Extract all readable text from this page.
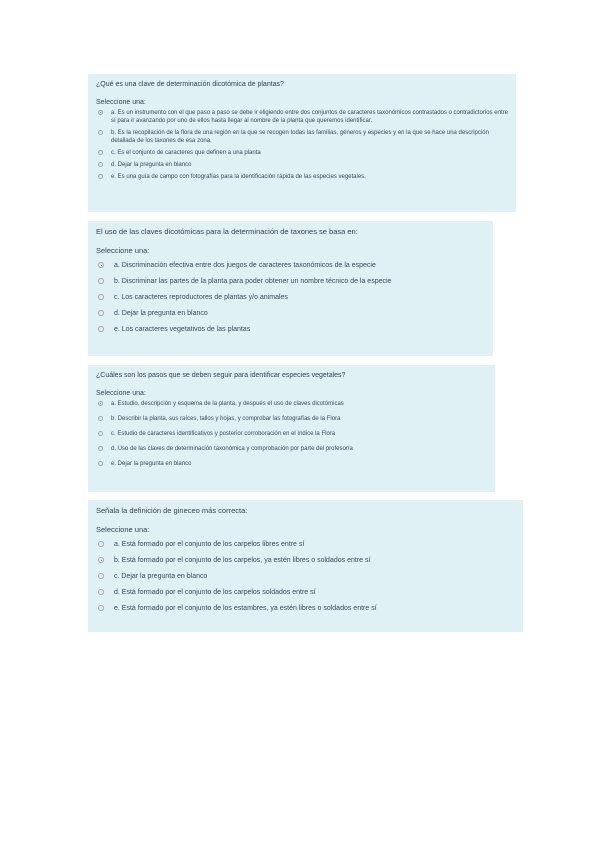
¿Qué es una clave de determinación dicotómica de plantas?

Seleccione una:

a. Es un instrumento con el que paso a paso se debe ir eligiendo entre dos conjuntos de caracteres taxonómicos contrastados o contradictorios entre sí para ir avanzando por uno de ellos hasta llegar al nombre de la planta que queremos identificar.
b. Es la recopilación de la flora de una región en la que se recogen todas las familias, géneros y especies y en la que se hace una descripción detallada de los taxones de esa zona.
c. Es el conjunto de caracteres que definen a una planta
d. Dejar la pregunta en blanco
e. Es una guía de campo con fotografías para la identificación rápida de las especies vegetales.

El uso de las claves dicotómicas para la determinación de taxones se basa en:

Seleccione una:

a. Discriminación efectiva entre dos juegos de caracteres taxonómicos de la especie
b. Discriminar las partes de la planta para poder obtener un nombre técnico de la especie
c. Los caracteres reproductores de plantas y/o animales
d. Dejar la pregunta en blanco
e. Los caracteres vegetativos de las plantas

¿Cuáles son los pasos que se deben seguir para identificar especies vegetales?

Seleccione una:

a. Estudio, descripción y esquema de la planta, y después el uso de claves dicotómicas
b. Describir la planta, sus raíces, tallos y hojas, y comprobar las fotografías de la Flora
c. Estudio de caracteres identificativos y posterior corroboración en el índice la Flora
d. Uso de las claves de determinación taxonómica y comprobación por parte del profesor/a
e. Dejar la pregunta en blanco

Señala la definición de gineceo más correcta:

Seleccione una:

a. Está formado por el conjunto de los carpelos libres entre sí
b. Está formado por el conjunto de los carpelos, ya estén libres o soldados entre sí
c. Dejar la pregunta en blanco
d. Está formado por el conjunto de los carpelos soldados entre sí
e. Está formado por el conjunto de los estambres, ya estén libres o soldados entre sí
